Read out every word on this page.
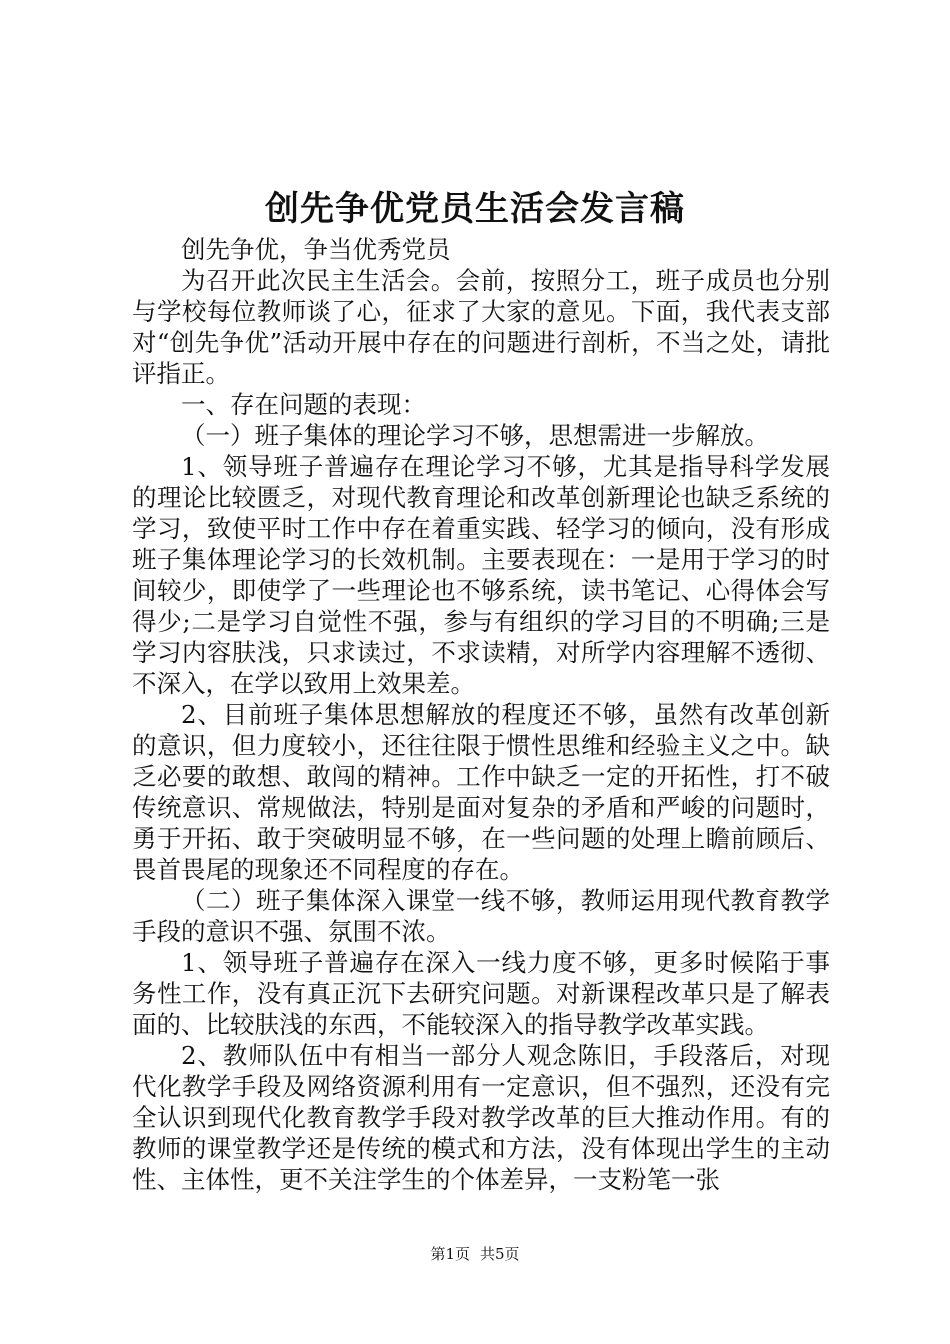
创先争优党员生活会发言稿

创先争优，争当优秀党员

为召开此次民主生活会。会前，按照分工，班子成员也分别与学校每位教师谈了心，征求了大家的意见。下面，我代表支部对“创先争优”活动开展中存在的问题进行剖析，不当之处，请批评指正。

一、存在问题的表现：

（一）班子集体的理论学习不够，思想需进一步解放。

1、领导班子普遍存在理论学习不够，尤其是指导科学发展的理论比较匮乏，对现代教育理论和改革创新理论也缺乏系统的学习，致使平时工作中存在着重实践、轻学习的倾向，没有形成班子集体理论学习的长效机制。主要表现在：一是用于学习的时间较少，即使学了一些理论也不够系统，读书笔记、心得体会写得少;二是学习自觉性不强，参与有组织的学习目的不明确;三是学习内容肤浅，只求读过，不求读精，对所学内容理解不透彻、不深入，在学以致用上效果差。

2、目前班子集体思想解放的程度还不够，虽然有改革创新的意识，但力度较小，还往往限于惯性思维和经验主义之中。缺乏必要的敢想、敢闯的精神。工作中缺乏一定的开拓性，打不破传统意识、常规做法，特别是面对复杂的矛盾和严峻的问题时，勇于开拓、敢于突破明显不够，在一些问题的处理上瞻前顾后、畏首畏尾的现象还不同程度的存在。

（二）班子集体深入课堂一线不够，教师运用现代教育教学手段的意识不强、氛围不浓。

1、领导班子普遍存在深入一线力度不够，更多时候陷于事务性工作，没有真正沉下去研究问题。对新课程改革只是了解表面的、比较肤浅的东西，不能较深入的指导教学改革实践。

2、教师队伍中有相当一部分人观念陈旧，手段落后，对现代化教学手段及网络资源利用有一定意识，但不强烈，还没有完全认识到现代化教育教学手段对教学改革的巨大推动作用。有的教师的课堂教学还是传统的模式和方法，没有体现出学生的主动性、主体性，更不关注学生的个体差异，一支粉笔一张

第1页 共5页
